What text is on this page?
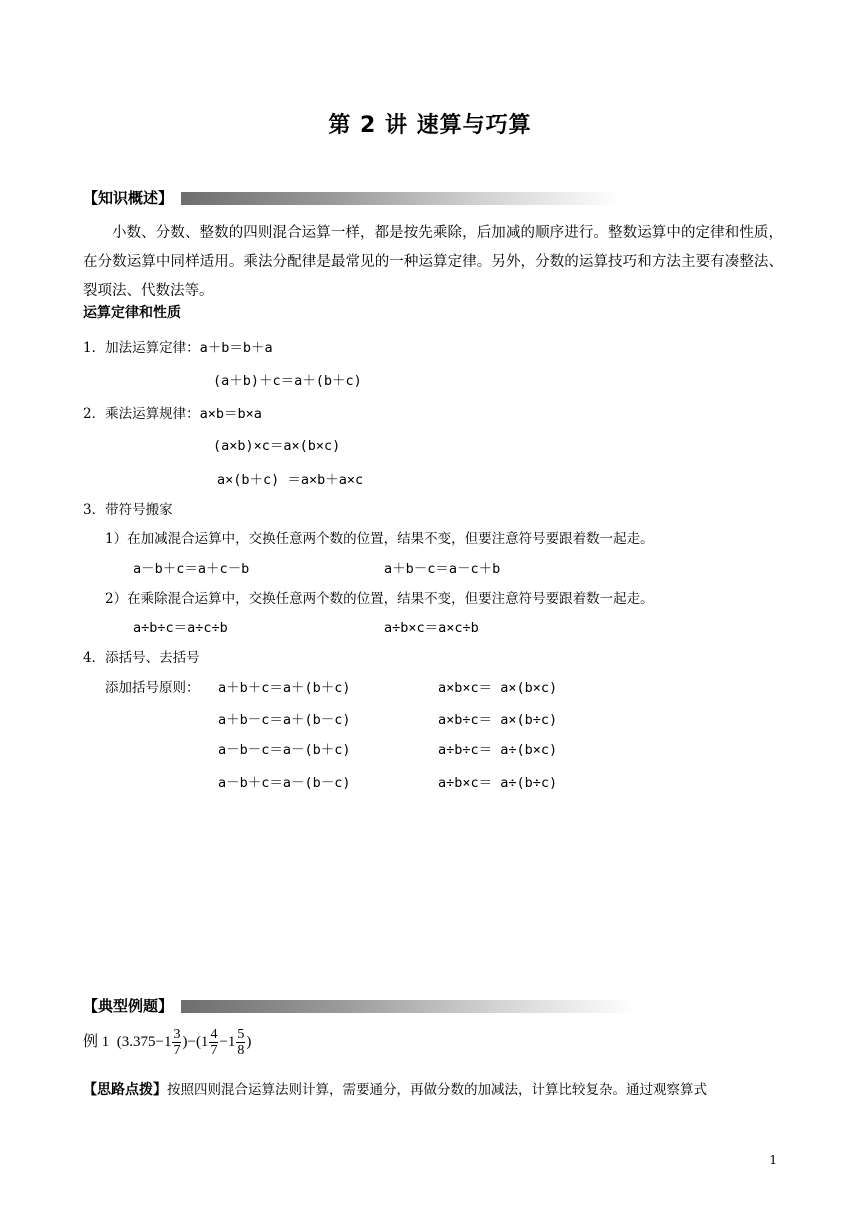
第 2 讲 速算与巧算
【知识概述】
小数、分数、整数的四则混合运算一样，都是按先乘除，后加减的顺序进行。整数运算中的定律和性质，在分数运算中同样适用。乘法分配律是最常见的一种运算定律。另外，分数的运算技巧和方法主要有凑整法、裂项法、代数法等。
运算定律和性质
1．加法运算定律：a＋b＝b＋a
(a＋b)＋c＝a＋(b＋c)
2．乘法运算规律：a×b＝b×a
(a×b)×c＝a×(b×c)
a×(b＋c) ＝a×b＋a×c
3．带符号搬家
1）在加减混合运算中，交换任意两个数的位置，结果不变，但要注意符号要跟着数一起走。
a－b＋c＝a＋c－b	a＋b－c＝a－c＋b
2）在乘除混合运算中，交换任意两个数的位置，结果不变，但要注意符号要跟着数一起走。
a÷b÷c＝a÷c÷b	a÷b×c＝a×c÷b
4．添括号、去括号
添加括号原则： a＋b＋c＝a＋(b＋c)
a＋b－c＝a＋(b－c)
a－b－c＝a－(b＋c)
a－b＋c＝a－(b－c)
a×b×c＝ a×(b×c)
a×b÷c＝ a×(b÷c)
a÷b÷c＝ a÷(b×c)
a÷b×c＝ a÷(b÷c)
【典型例题】
例 1 $(3.375-1 \frac{3}{7} )-(1 \frac{4}{7} -1 \frac{5}{8}$ )
【思路点拨】按照四则混合运算法则计算，需要通分，再做分数的加减法，计算比较复杂。通过观察算式
1
